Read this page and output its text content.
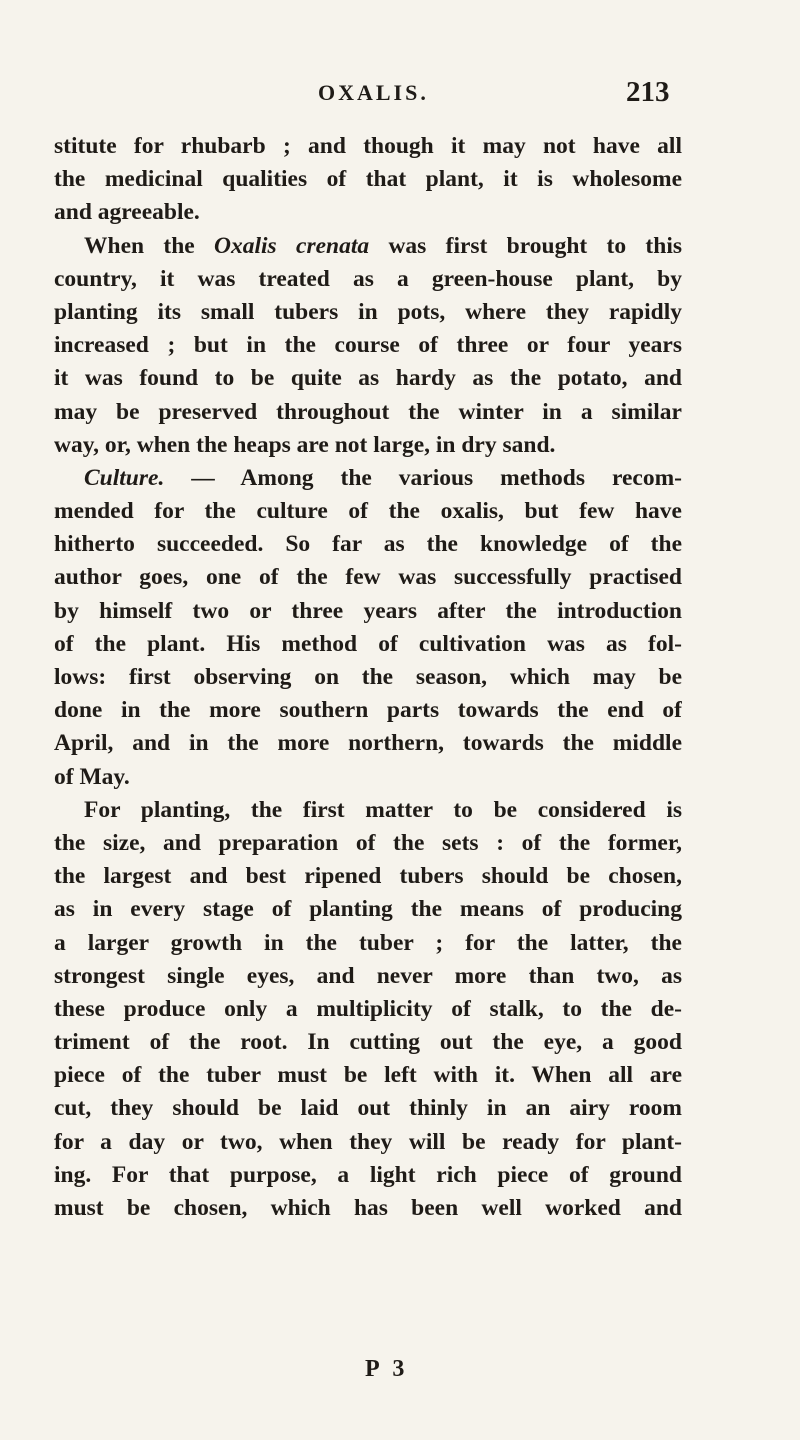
OXALIS.	213
stitute for rhubarb ; and though it may not have all
the medicinal qualities of that plant, it is wholesome
and agreeable.
When the Oxalis crenata was first brought to this
country, it was treated as a green-house plant, by
planting its small tubers in pots, where they rapidly
increased ; but in the course of three or four years
it was found to be quite as hardy as the potato, and
may be preserved throughout the winter in a similar
way, or, when the heaps are not large, in dry sand.
Culture. — Among the various methods recom-
mended for the culture of the oxalis, but few have
hitherto succeeded. So far as the knowledge of the
author goes, one of the few was successfully practised
by himself two or three years after the introduction
of the plant. His method of cultivation was as fol-
lows: first observing on the season, which may be
done in the more southern parts towards the end of
April, and in the more northern, towards the middle
of May.
For planting, the first matter to be considered is
the size, and preparation of the sets : of the former,
the largest and best ripened tubers should be chosen,
as in every stage of planting the means of producing
a larger growth in the tuber ; for the latter, the
strongest single eyes, and never more than two, as
these produce only a multiplicity of stalk, to the de-
triment of the root. In cutting out the eye, a good
piece of the tuber must be left with it. When all are
cut, they should be laid out thinly in an airy room
for a day or two, when they will be ready for plant-
ing. For that purpose, a light rich piece of ground
must be chosen, which has been well worked and
P 3
